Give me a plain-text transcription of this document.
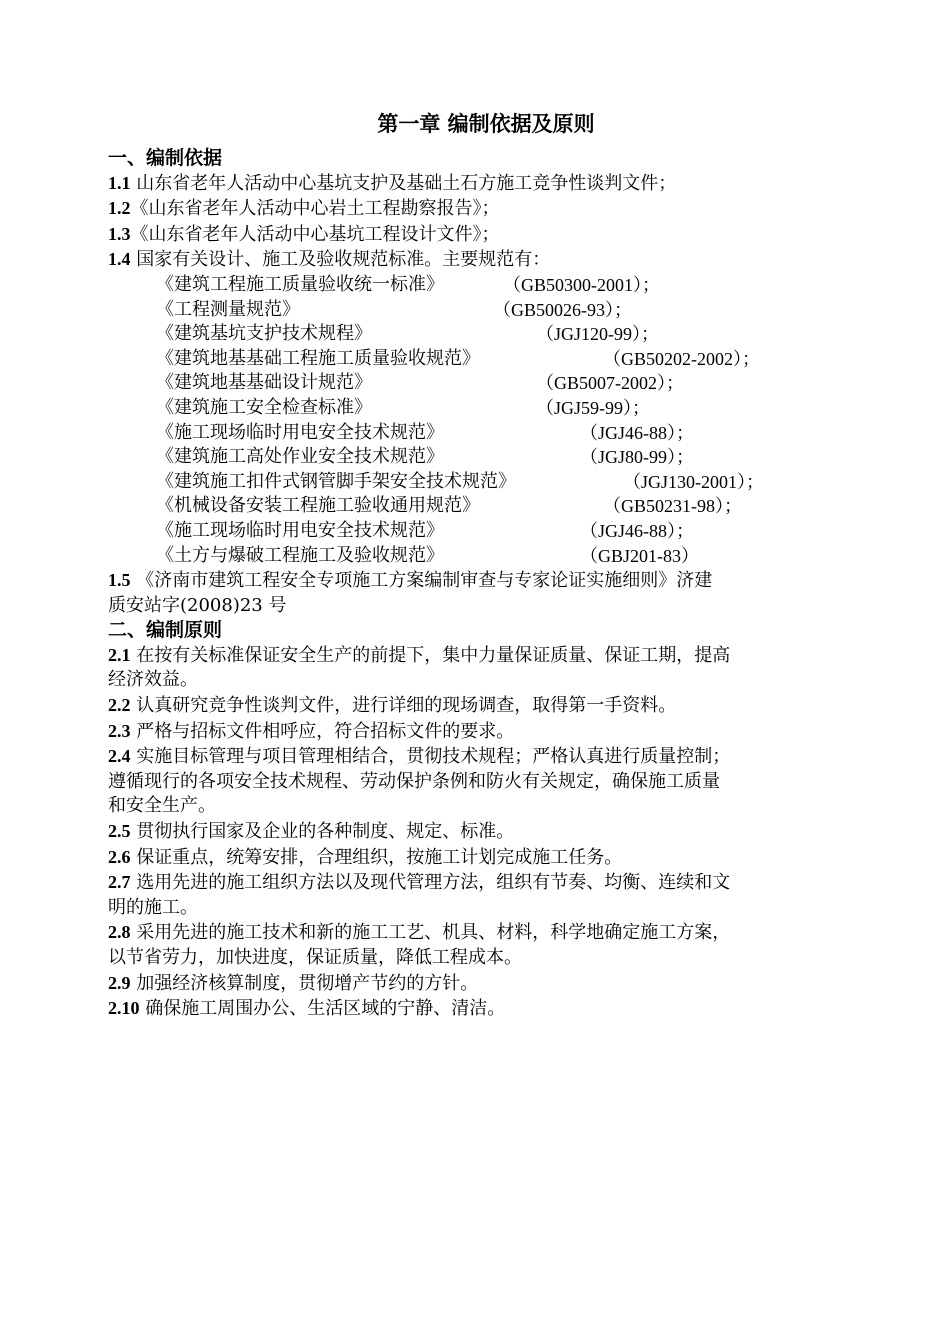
第一章 编制依据及原则
一、编制依据
1.1 山东省老年人活动中心基坑支护及基础土石方施工竞争性谈判文件；
1.2《山东省老年人活动中心岩土工程勘察报告》；
1.3《山东省老年人活动中心基坑工程设计文件》；
1.4 国家有关设计、施工及验收规范标准。主要规范有：
《建筑工程施工质量验收统一标准》	（GB50300-2001）；
《工程测量规范》	（GB50026-93）；
《建筑基坑支护技术规程》	（JGJ120-99）；
《建筑地基基础工程施工质量验收规范》	（GB50202-2002）；
《建筑地基基础设计规范》	（GB5007-2002）；
《建筑施工安全检查标准》	（JGJ59-99）；
《施工现场临时用电安全技术规范》	（JGJ46-88）；
《建筑施工高处作业安全技术规范》	（JGJ80-99）；
《建筑施工扣件式钢管脚手架安全技术规范》	（JGJ130-2001）；
《机械设备安装工程施工验收通用规范》	（GB50231-98）；
《施工现场临时用电安全技术规范》	（JGJ46-88）；
《土方与爆破工程施工及验收规范》	（GBJ201-83）
1.5 《济南市建筑工程安全专项施工方案编制审查与专家论证实施细则》济建
质安站字(2008)23 号
二、编制原则
2.1 在按有关标准保证安全生产的前提下，集中力量保证质量、保证工期，提高
经济效益。
2.2 认真研究竞争性谈判文件，进行详细的现场调查，取得第一手资料。
2.3 严格与招标文件相呼应，符合招标文件的要求。
2.4 实施目标管理与项目管理相结合，贯彻技术规程；严格认真进行质量控制；
遵循现行的各项安全技术规程、劳动保护条例和防火有关规定，确保施工质量
和安全生产。
2.5 贯彻执行国家及企业的各种制度、规定、标准。
2.6 保证重点，统筹安排，合理组织，按施工计划完成施工任务。
2.7 选用先进的施工组织方法以及现代管理方法，组织有节奏、均衡、连续和文
明的施工。
2.8 采用先进的施工技术和新的施工工艺、机具、材料，科学地确定施工方案，
以节省劳力，加快进度，保证质量，降低工程成本。
2.9 加强经济核算制度，贯彻增产节约的方针。
2.10 确保施工周围办公、生活区域的宁静、清洁。
